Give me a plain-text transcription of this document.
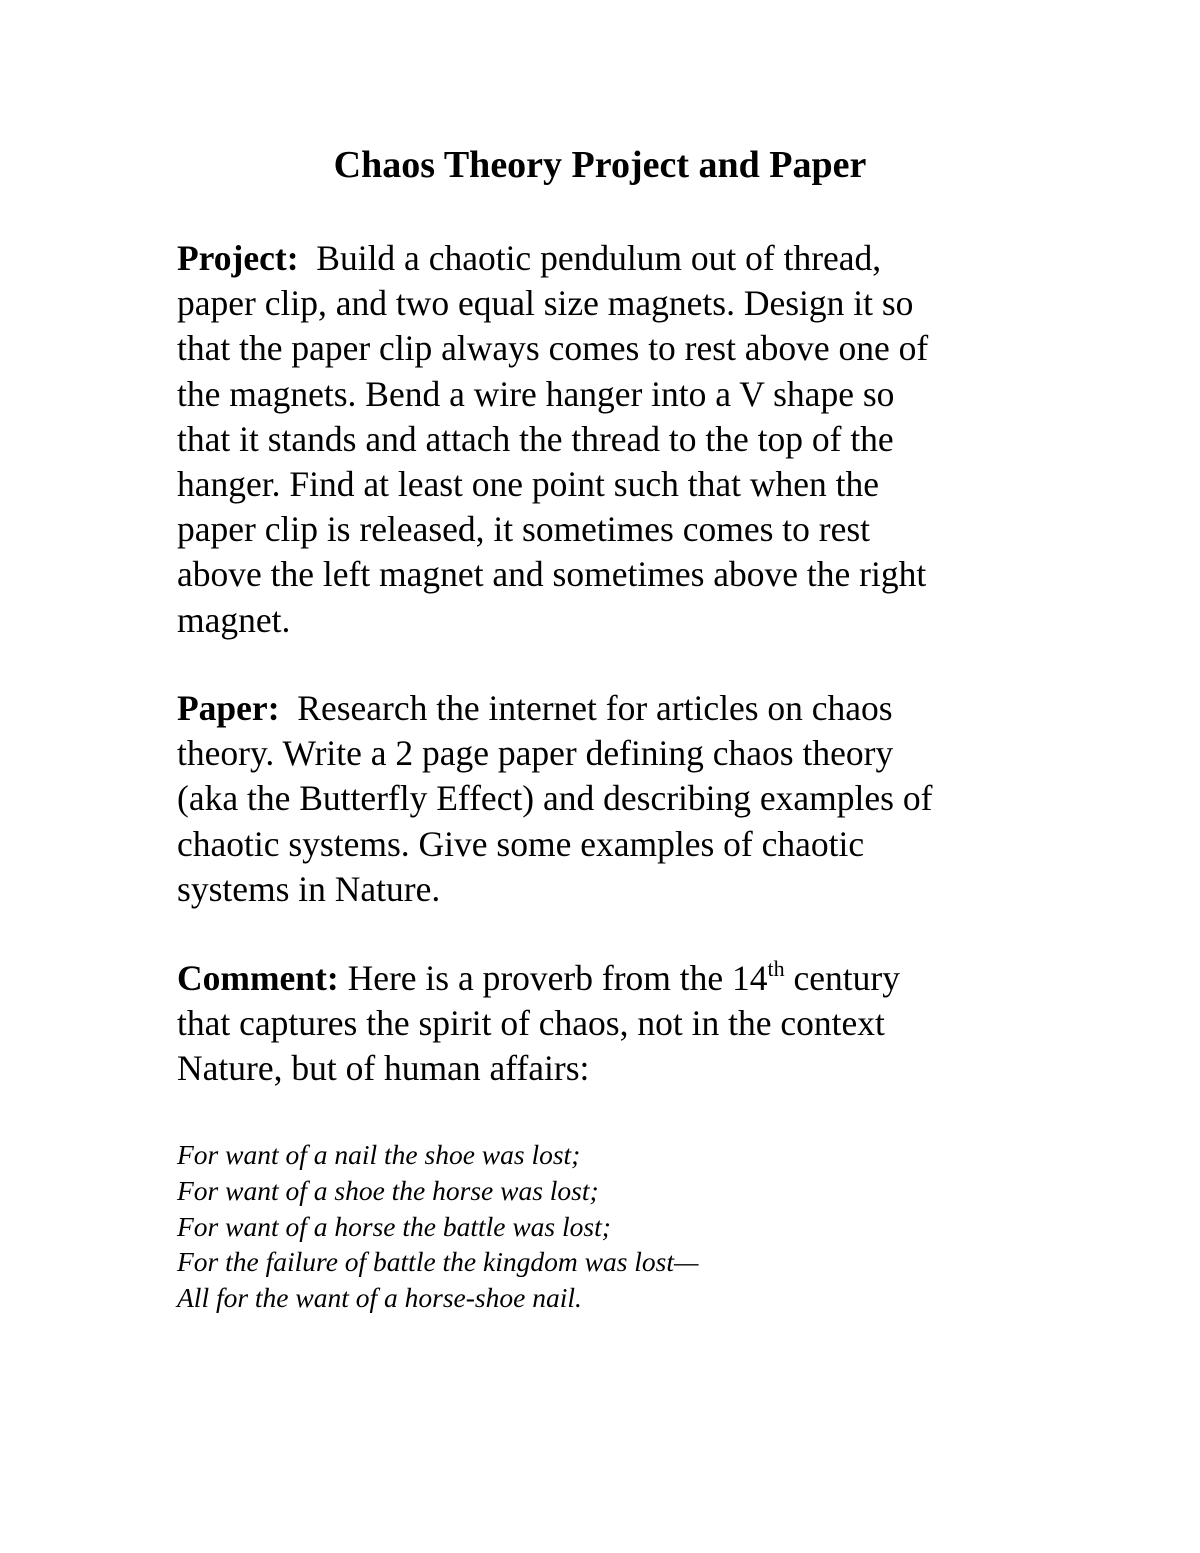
Chaos Theory Project and Paper
Project: Build a chaotic pendulum out of thread,
paper clip, and two equal size magnets. Design it so
that the paper clip always comes to rest above one of
the magnets. Bend a wire hanger into a V shape so
that it stands and attach the thread to the top of the
hanger. Find at least one point such that when the
paper clip is released, it sometimes comes to rest
above the left magnet and sometimes above the right
magnet.
Paper: Research the internet for articles on chaos
theory. Write a 2 page paper defining chaos theory
(aka the Butterfly Effect) and describing examples of
chaotic systems. Give some examples of chaotic
systems in Nature.
Comment: Here is a proverb from the 14th century
that captures the spirit of chaos, not in the context
Nature, but of human affairs:
For want of a nail the shoe was lost;
For want of a shoe the horse was lost;
For want of a horse the battle was lost;
For the failure of battle the kingdom was lost—
All for the want of a horse-shoe nail.
